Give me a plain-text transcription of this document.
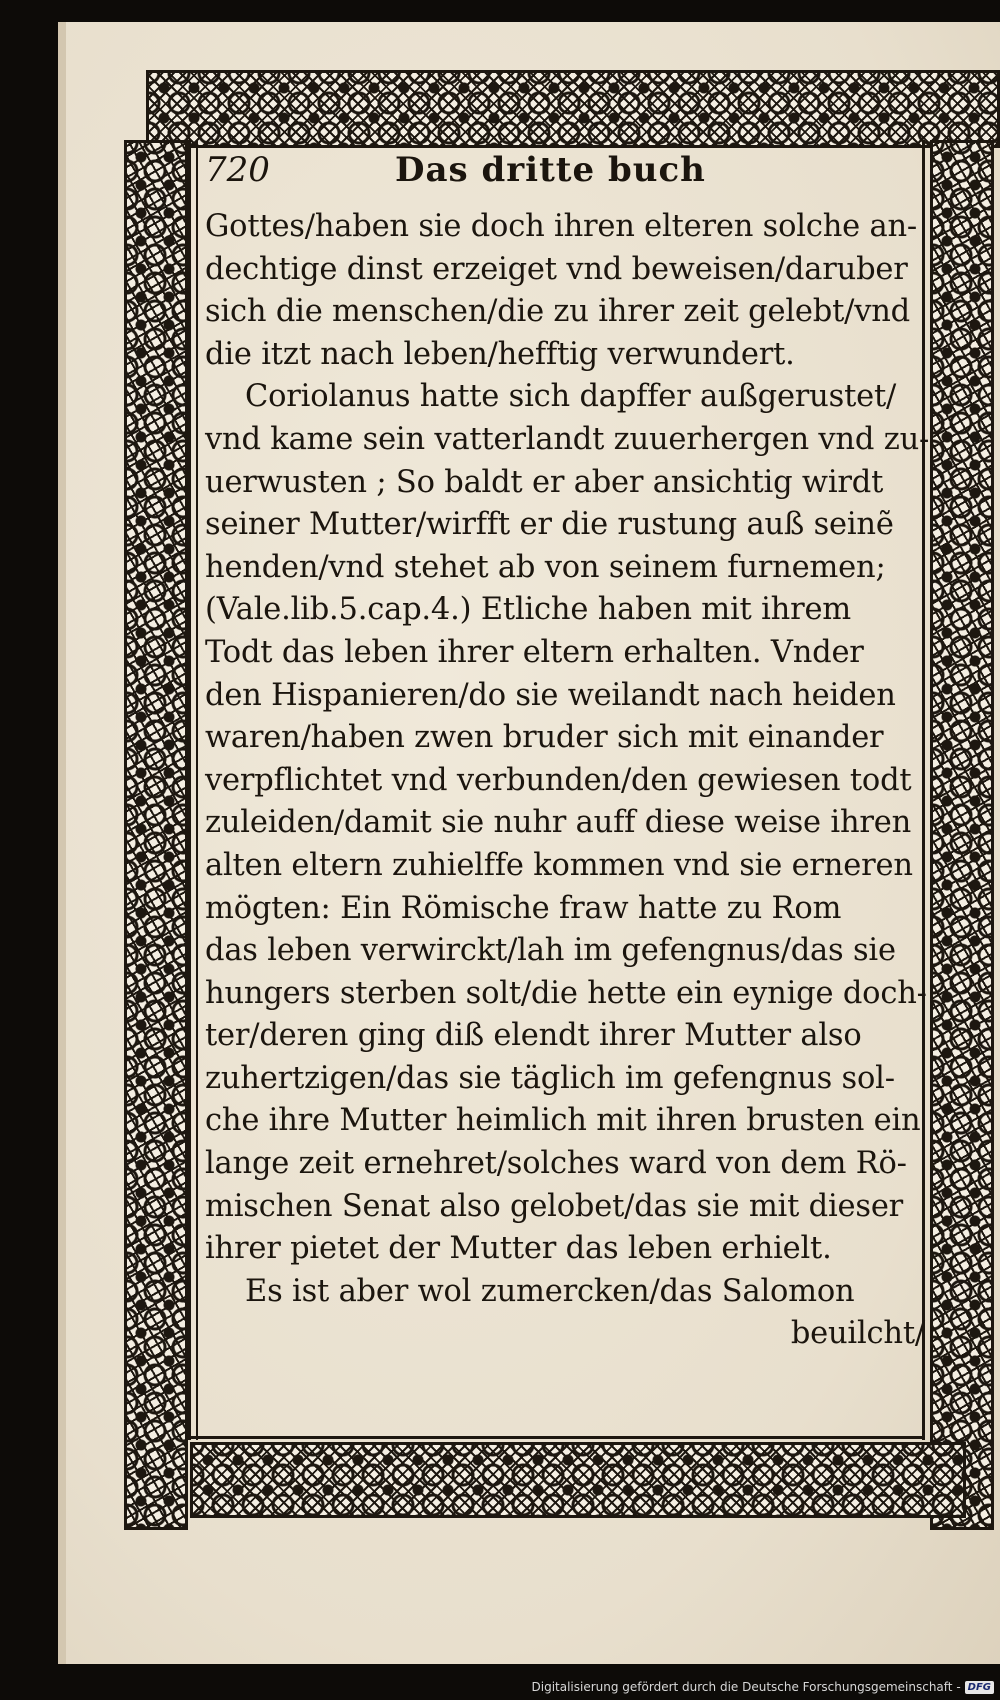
720	Das dritte buch
Gottes/haben sie doch ihren elteren solche an-
dechtige dinst erzeiget vnd beweisen/daruber
sich die menschen/die zu ihrer zeit gelebt/vnd
die itzt nach leben/hefftig verwundert.
Coriolanus hatte sich dapffer außgerustet/
vnd kame sein vatterlandt zuuerhergen vnd zu-
uerwusten ; So baldt er aber ansichtig wirdt
seiner Mutter/wirfft er die rustung auß seinẽ
henden/vnd stehet ab von seinem furnemen;
(Vale.lib.5.cap.4.) Etliche haben mit ihrem
Todt das leben ihrer eltern erhalten. Vnder
den Hispanieren/do sie weilandt nach heiden
waren/haben zwen bruder sich mit einander
verpflichtet vnd verbunden/den gewiesen todt
zuleiden/damit sie nuhr auff diese weise ihren
alten eltern zuhielffe kommen vnd sie erneren
mögten: Ein Römische fraw hatte zu Rom
das leben verwirckt/lah im gefengnus/das sie
hungers sterben solt/die hette ein eynige doch-
ter/deren ging diß elendt ihrer Mutter also
zuhertzigen/das sie täglich im gefengnus sol-
che ihre Mutter heimlich mit ihren brusten ein
lange zeit ernehret/solches ward von dem Rö-
mischen Senat also gelobet/das sie mit dieser
ihrer pietet der Mutter das leben erhielt.
Es ist aber wol zumercken/das Salomon
beuilcht/
Digitalisierung gefördert durch die Deutsche Forschungsgemeinschaft - DFG
